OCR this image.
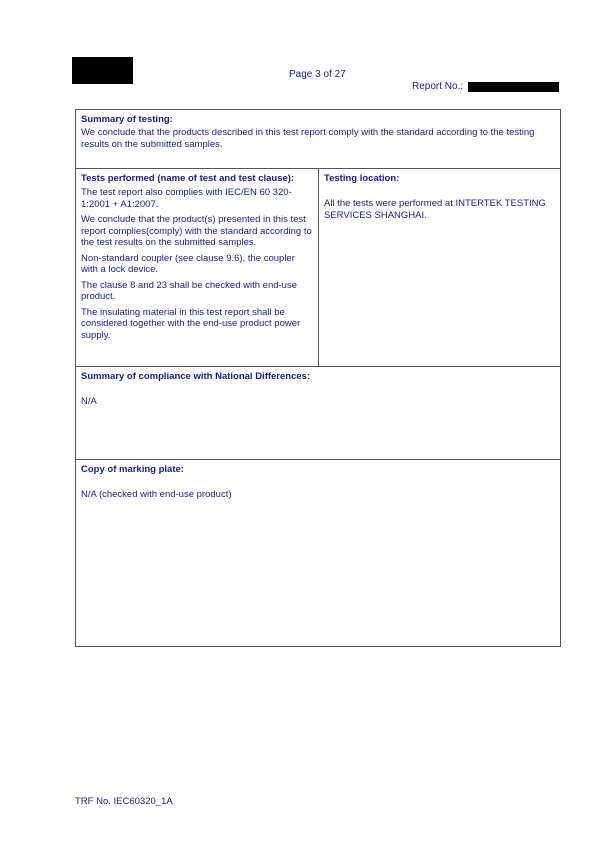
Page 3 of 27
Report No.:
Summary of testing:
We conclude that the products described in this test report comply with the standard according to the testing results on the submitted samples.
Tests performed (name of test and test clause):

The test report also complies with IEC/EN 60 320-1:2001 + A1:2007.

We conclude that the product(s) presented in this test report complies(comply) with the standard according to the test results on the submitted samples.

Non-standard coupler (see clause 9.6), the coupler with a lock device.

The clause 8 and 23 shall be checked with end-use product.

The insulating material in this test report shall be considered together with the end-use product power supply.

Testing location:
All the tests were performed at INTERTEK TESTING SERVICES SHANGHAI.
Summary of compliance with National Differences:
N/A
Copy of marking plate:
N/A (checked with end-use product)
TRF No. IEC60320_1A
